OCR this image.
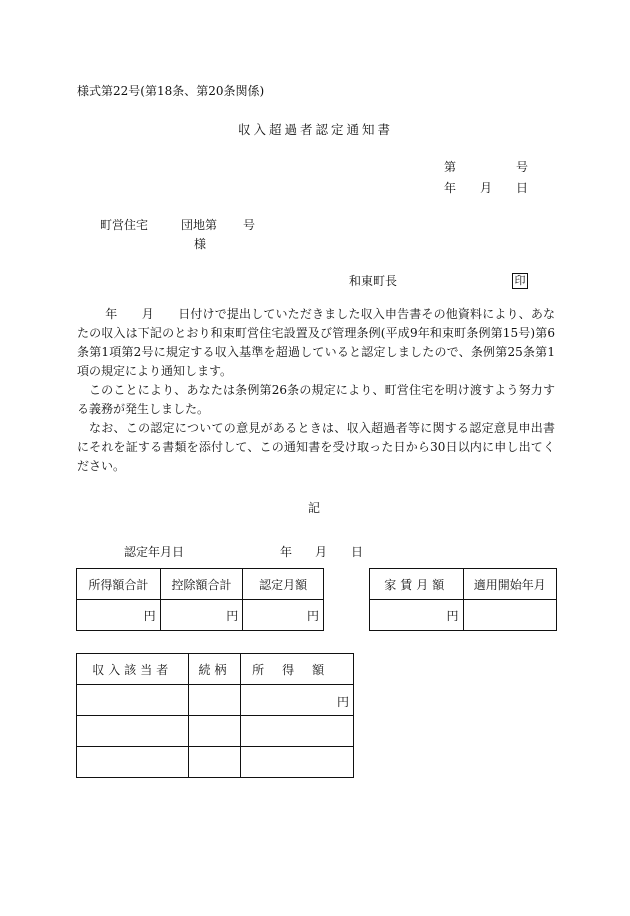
様式第22号(第18条、第20条関係)
収入超過者認定通知書
第	号
年 月 日
町営住宅	団地第 号
様
和東町長	印

　　 年　　月　　日付けで提出していただきました収入申告書その他資料により、あなたの収入は下記のとおり和束町営住宅設置及び管理条例(平成9年和束町条例第15号)第6条第1項第2号に規定する収入基準を超過していると認定しましたので、条例第25条第1項の規定により通知します。

このことにより、あなたは条例第26条の規定により、町営住宅を明け渡すよう努力する義務が発生しました。

なお、この認定についての意見があるときは、収入超過者等に関する認定意見申出書にそれを証する書類を添付して、この通知書を受け取った日から30日以内に申し出てください。

記
認定年月日	年 月 日
所得額合計	控除額合計	認定月額
円	円	円
家賃月額	適用開始年月
円	
収入該当者	続柄	所得額
		円
